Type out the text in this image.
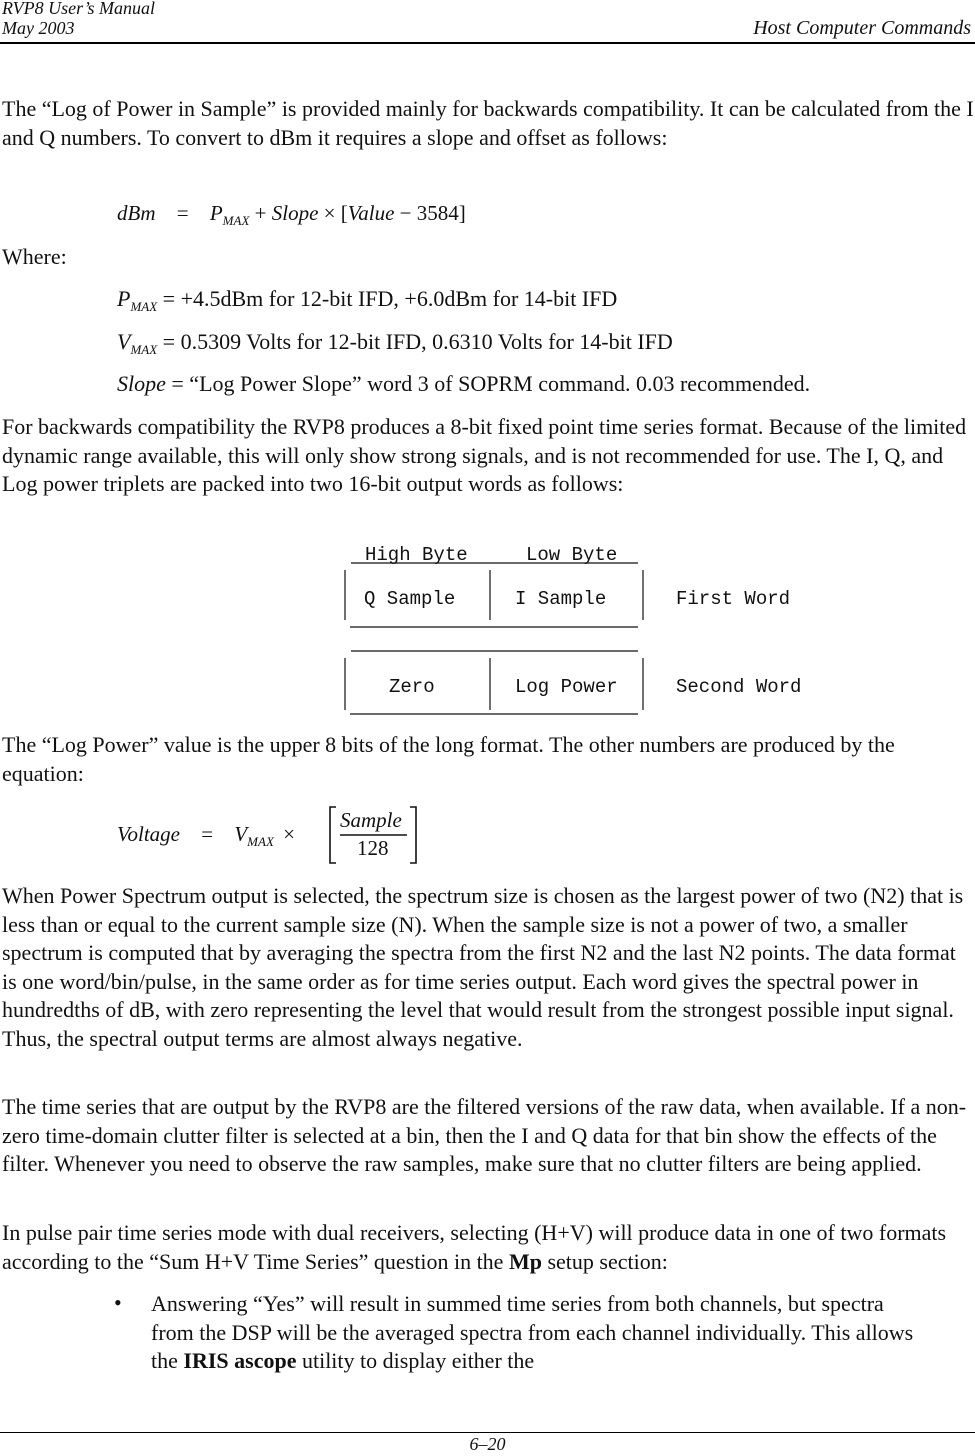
RVP8 User’s Manual
May 2003	Host Computer Commands
The “Log of Power in Sample” is provided mainly for backwards compatibility. It can be calculated from the I and Q numbers. To convert to dBm it requires a slope and offset as follows:
dBm = $P_{MAX}$ + Slope × [Value − 3584]
Where:
$P_{MAX} = +4.5dBm$ for 12-bit IFD, +6.0dBm for 14-bit IFD
$V_{MAX} = 0.5309$ Volts for 12-bit IFD, 0.6310 Volts for 14-bit IFD
Slope = “Log Power Slope” word 3 of SOPRM command. 0.03 recommended.
For backwards compatibility the RVP8 produces a 8-bit fixed point time series format. Because of the limited dynamic range available, this will only show strong signals, and is not recommended for use. The I, Q, and Log power triplets are packed into two 16-bit output words as follows:
High Byte	Low Byte
Q Sample	I Sample	First Word
Zero	Log Power	Second Word
The “Log Power” value is the upper 8 bits of the long format. The other numbers are produced by the equation:
Voltage = $V_{MAX}$ ×
Sample
128
When Power Spectrum output is selected, the spectrum size is chosen as the largest power of two (N2) that is less than or equal to the current sample size (N). When the sample size is not a power of two, a smaller spectrum is computed that by averaging the spectra from the first N2 and the last N2 points. The data format is one word/bin/pulse, in the same order as for time series output. Each word gives the spectral power in hundredths of dB, with zero representing the level that would result from the strongest possible input signal. Thus, the spectral output terms are almost always negative.
The time series that are output by the RVP8 are the filtered versions of the raw data, when available. If a non-zero time-domain clutter filter is selected at a bin, then the I and Q data for that bin show the effects of the filter. Whenever you need to observe the raw samples, make sure that no clutter filters are being applied.
In pulse pair time series mode with dual receivers, selecting (H+V) will produce data in one of two formats according to the “Sum H+V Time Series” question in the Mp setup section:
• Answering “Yes” will result in summed time series from both channels, but spectra from the DSP will be the averaged spectra from each channel individually. This allows the IRIS ascope utility to display either the
6–20
